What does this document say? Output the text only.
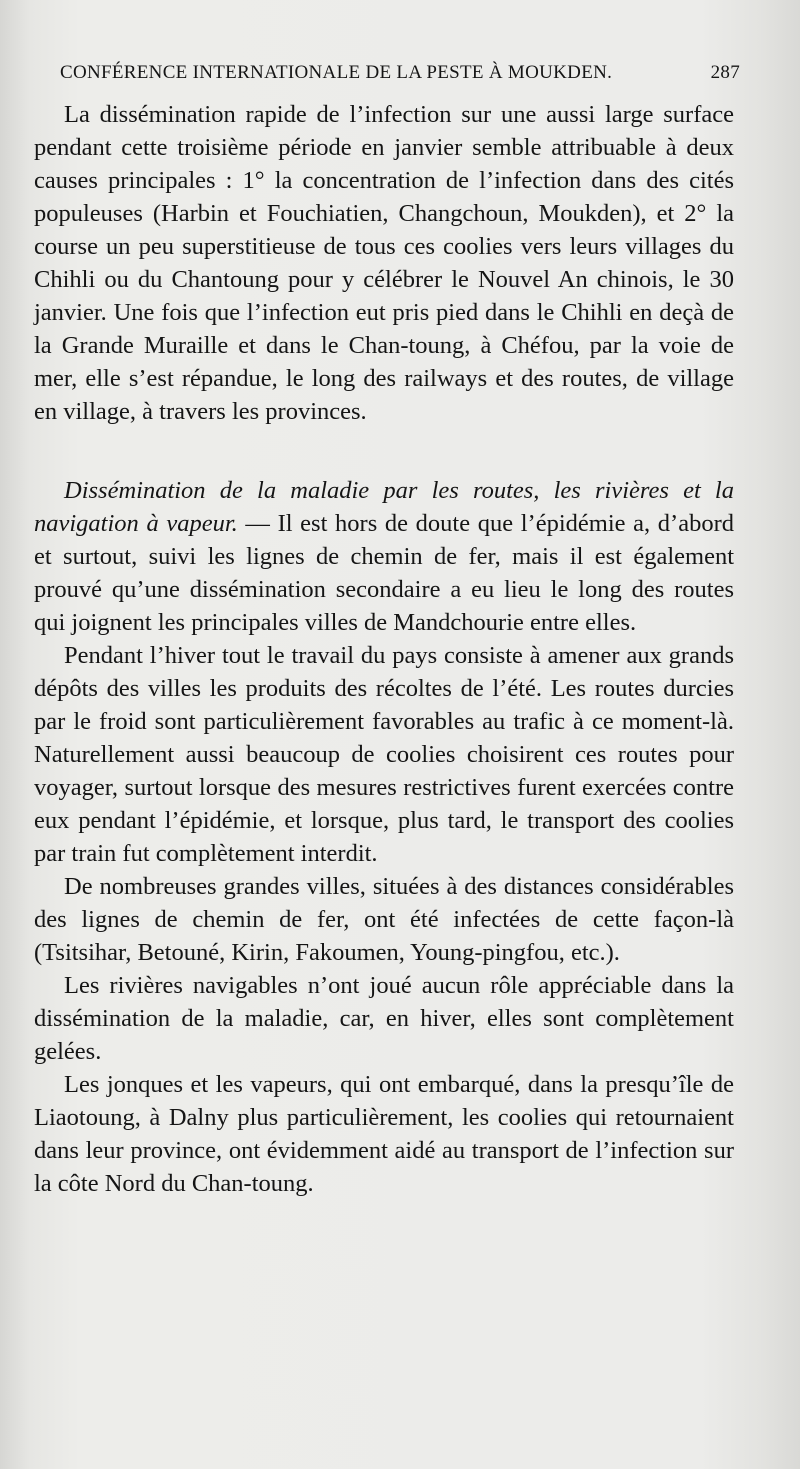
CONFÉRENCE INTERNATIONALE DE LA PESTE À MOUKDEN.	287

La dissémination rapide de l’infection sur une aussi large surface pendant cette troisième période en janvier semble attribuable à deux causes principales : 1° la concentration de l’infection dans des cités populeuses (Harbin et Fouchiatien, Changchoun, Moukden), et 2° la course un peu superstitieuse de tous ces coolies vers leurs villages du Chihli ou du Chantoung pour y célébrer le Nouvel An chinois, le 30 janvier. Une fois que l’infection eut pris pied dans le Chihli en deçà de la Grande Muraille et dans le Chan-toung, à Chéfou, par la voie de mer, elle s’est répandue, le long des railways et des routes, de village en village, à travers les provinces.

Dissémination de la maladie par les routes, les rivières et la navigation à vapeur. — Il est hors de doute que l’épidémie a, d’abord et surtout, suivi les lignes de chemin de fer, mais il est également prouvé qu’une dissémination secondaire a eu lieu le long des routes qui joignent les principales villes de Mandchourie entre elles.

Pendant l’hiver tout le travail du pays consiste à amener aux grands dépôts des villes les produits des récoltes de l’été. Les routes durcies par le froid sont particulièrement favorables au trafic à ce moment-là. Naturellement aussi beaucoup de coolies choisirent ces routes pour voyager, surtout lorsque des mesures restrictives furent exercées contre eux pendant l’épidémie, et lorsque, plus tard, le transport des coolies par train fut complètement interdit.

De nombreuses grandes villes, situées à des distances considérables des lignes de chemin de fer, ont été infectées de cette façon-là (Tsitsihar, Betouné, Kirin, Fakoumen, Young-pingfou, etc.).

Les rivières navigables n’ont joué aucun rôle appréciable dans la dissémination de la maladie, car, en hiver, elles sont complètement gelées.

Les jonques et les vapeurs, qui ont embarqué, dans la presqu’île de Liaotoung, à Dalny plus particulièrement, les coolies qui retournaient dans leur province, ont évidemment aidé au transport de l’infection sur la côte Nord du Chan-toung.
